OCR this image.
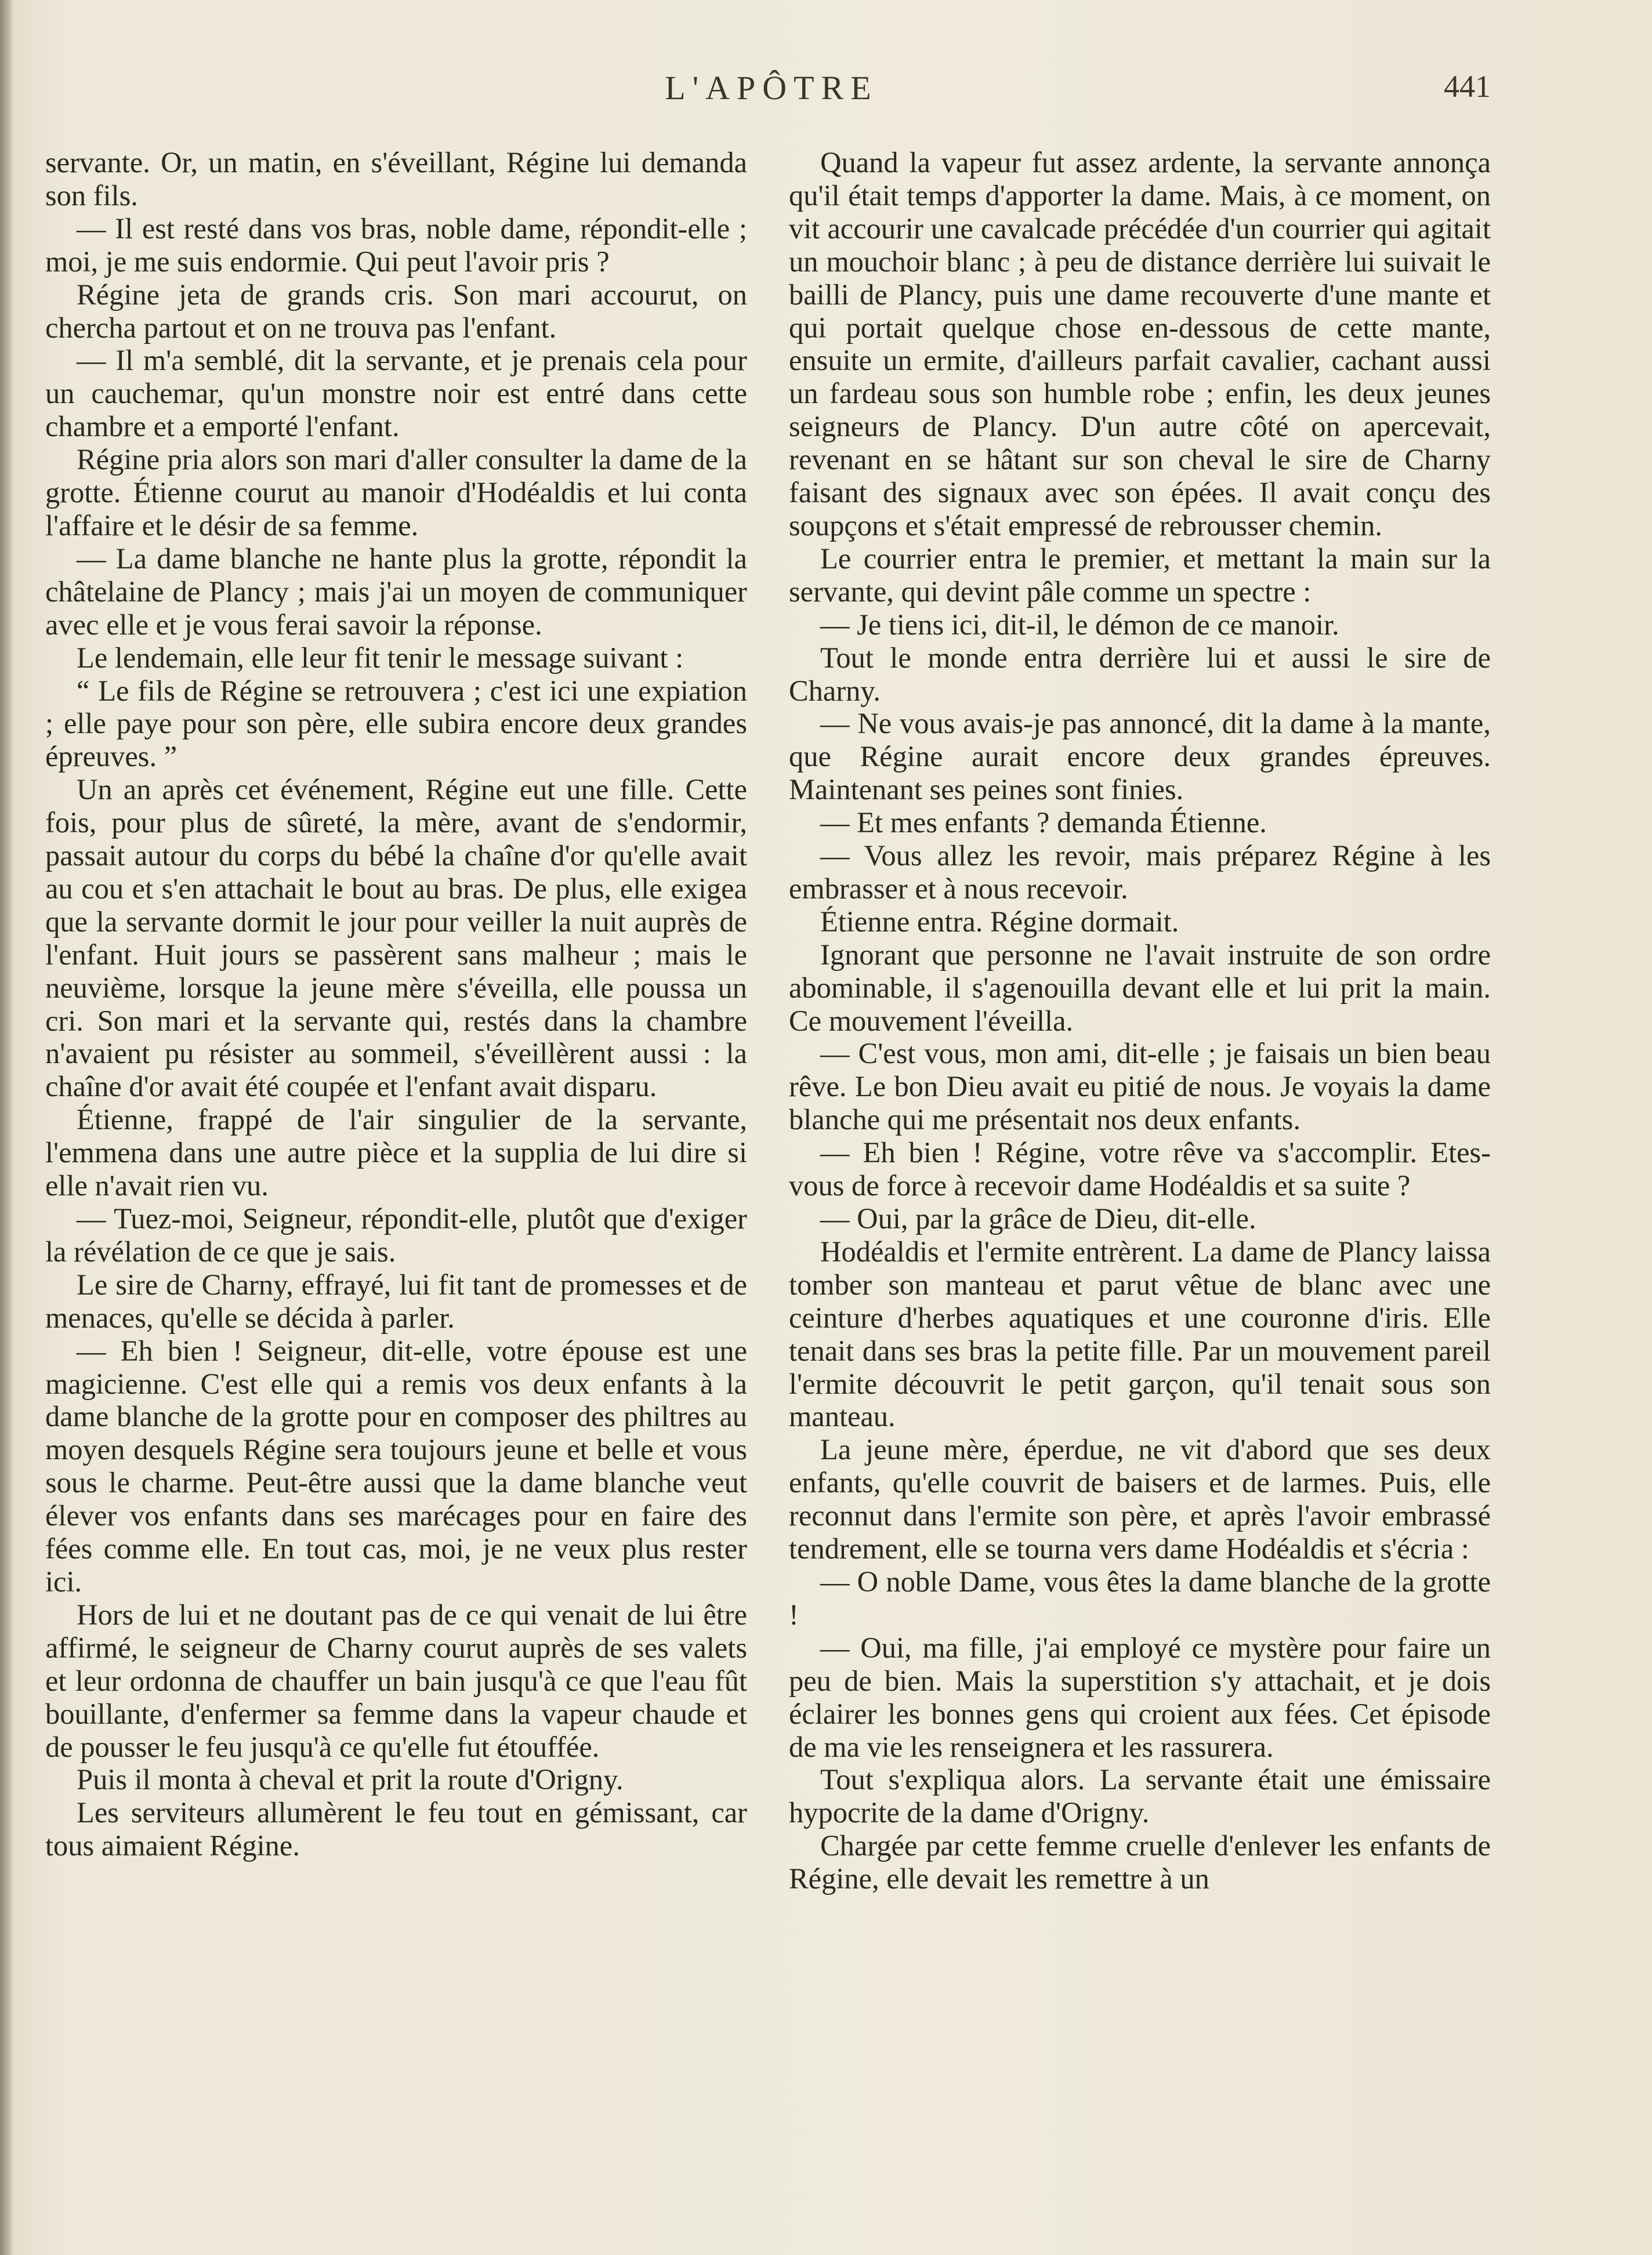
L'APÔTRE	441

servante. Or, un matin, en s'éveillant, Régine lui demanda son fils.

— Il est resté dans vos bras, noble dame, répondit-elle ; moi, je me suis endormie. Qui peut l'avoir pris ?

Régine jeta de grands cris. Son mari accourut, on chercha partout et on ne trouva pas l'enfant.

— Il m'a semblé, dit la servante, et je prenais cela pour un cauchemar, qu'un monstre noir est entré dans cette chambre et a emporté l'enfant.

Régine pria alors son mari d'aller consulter la dame de la grotte. Étienne courut au manoir d'Hodéaldis et lui conta l'affaire et le désir de sa femme.

— La dame blanche ne hante plus la grotte, répondit la châtelaine de Plancy ; mais j'ai un moyen de communiquer avec elle et je vous ferai savoir la réponse.

Le lendemain, elle leur fit tenir le message suivant :

“ Le fils de Régine se retrouvera ; c'est ici une expiation ; elle paye pour son père, elle subira encore deux grandes épreuves. ”

Un an après cet événement, Régine eut une fille. Cette fois, pour plus de sûreté, la mère, avant de s'endormir, passait autour du corps du bébé la chaîne d'or qu'elle avait au cou et s'en attachait le bout au bras. De plus, elle exigea que la servante dormit le jour pour veiller la nuit auprès de l'enfant. Huit jours se passèrent sans malheur ; mais le neuvième, lorsque la jeune mère s'éveilla, elle poussa un cri. Son mari et la servante qui, restés dans la chambre n'avaient pu résister au sommeil, s'éveillèrent aussi : la chaîne d'or avait été coupée et l'enfant avait disparu.

Étienne, frappé de l'air singulier de la servante, l'emmena dans une autre pièce et la supplia de lui dire si elle n'avait rien vu.

— Tuez-moi, Seigneur, répondit-elle, plutôt que d'exiger la révélation de ce que je sais.

Le sire de Charny, effrayé, lui fit tant de promesses et de menaces, qu'elle se décida à parler.

— Eh bien ! Seigneur, dit-elle, votre épouse est une magicienne. C'est elle qui a remis vos deux enfants à la dame blanche de la grotte pour en composer des philtres au moyen desquels Régine sera toujours jeune et belle et vous sous le charme. Peut-être aussi que la dame blanche veut élever vos enfants dans ses marécages pour en faire des fées comme elle. En tout cas, moi, je ne veux plus rester ici.

Hors de lui et ne doutant pas de ce qui venait de lui être affirmé, le seigneur de Charny courut auprès de ses valets et leur ordonna de chauffer un bain jusqu'à ce que l'eau fût bouillante, d'enfermer sa femme dans la vapeur chaude et de pousser le feu jusqu'à ce qu'elle fut étouffée.

Puis il monta à cheval et prit la route d'Origny.

Les serviteurs allumèrent le feu tout en gémissant, car tous aimaient Régine.

Quand la vapeur fut assez ardente, la servante annonça qu'il était temps d'apporter la dame. Mais, à ce moment, on vit accourir une cavalcade précédée d'un courrier qui agitait un mouchoir blanc ; à peu de distance derrière lui suivait le bailli de Plancy, puis une dame recouverte d'une mante et qui portait quelque chose en-dessous de cette mante, ensuite un ermite, d'ailleurs parfait cavalier, cachant aussi un fardeau sous son humble robe ; enfin, les deux jeunes seigneurs de Plancy. D'un autre côté on apercevait, revenant en se hâtant sur son cheval le sire de Charny faisant des signaux avec son épées. Il avait conçu des soupçons et s'était empressé de rebrousser chemin.

Le courrier entra le premier, et mettant la main sur la servante, qui devint pâle comme un spectre :

— Je tiens ici, dit-il, le démon de ce manoir.

Tout le monde entra derrière lui et aussi le sire de Charny.

— Ne vous avais-je pas annoncé, dit la dame à la mante, que Régine aurait encore deux grandes épreuves. Maintenant ses peines sont finies.

— Et mes enfants ? demanda Étienne.

— Vous allez les revoir, mais préparez Régine à les embrasser et à nous recevoir.

Étienne entra. Régine dormait.

Ignorant que personne ne l'avait instruite de son ordre abominable, il s'agenouilla devant elle et lui prit la main. Ce mouvement l'éveilla.

— C'est vous, mon ami, dit-elle ; je faisais un bien beau rêve. Le bon Dieu avait eu pitié de nous. Je voyais la dame blanche qui me présentait nos deux enfants.

— Eh bien ! Régine, votre rêve va s'accomplir. Etes-vous de force à recevoir dame Hodéaldis et sa suite ?

— Oui, par la grâce de Dieu, dit-elle.

Hodéaldis et l'ermite entrèrent. La dame de Plancy laissa tomber son manteau et parut vêtue de blanc avec une ceinture d'herbes aquatiques et une couronne d'iris. Elle tenait dans ses bras la petite fille. Par un mouvement pareil l'ermite découvrit le petit garçon, qu'il tenait sous son manteau.

La jeune mère, éperdue, ne vit d'abord que ses deux enfants, qu'elle couvrit de baisers et de larmes. Puis, elle reconnut dans l'ermite son père, et après l'avoir embrassé tendrement, elle se tourna vers dame Hodéaldis et s'écria :

— O noble Dame, vous êtes la dame blanche de la grotte !

— Oui, ma fille, j'ai employé ce mystère pour faire un peu de bien. Mais la superstition s'y attachait, et je dois éclairer les bonnes gens qui croient aux fées. Cet épisode de ma vie les renseignera et les rassurera.

Tout s'expliqua alors. La servante était une émissaire hypocrite de la dame d'Origny.

Chargée par cette femme cruelle d'enlever les enfants de Régine, elle devait les remettre à un
